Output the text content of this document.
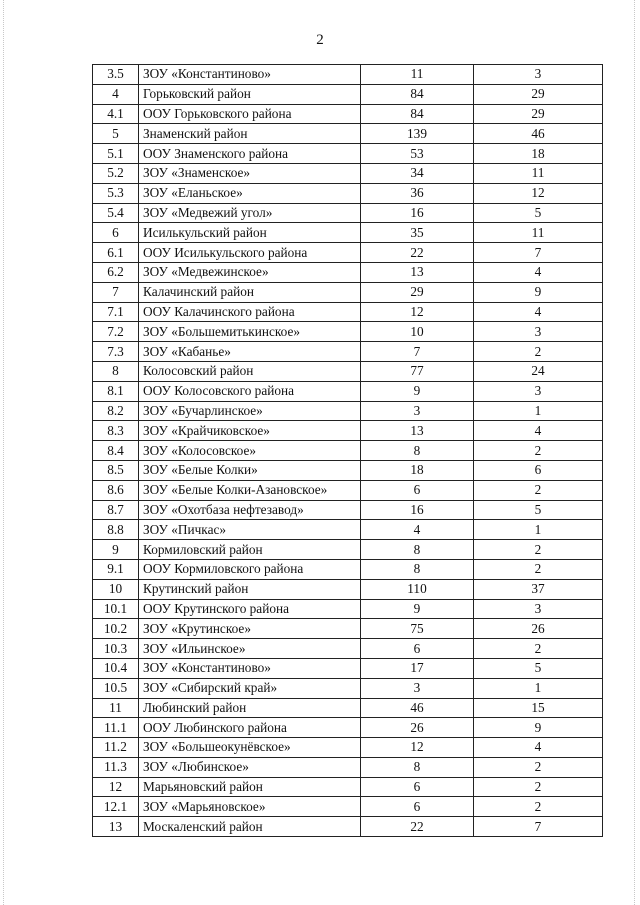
2
3.5	ЗОУ «Константиново»	11	3
4	Горьковский район	84	29
4.1	ООУ Горьковского района	84	29
5	Знаменский район	139	46
5.1	ООУ Знаменского района	53	18
5.2	ЗОУ «Знаменское»	34	11
5.3	ЗОУ «Еланьское»	36	12
5.4	ЗОУ «Медвежий угол»	16	5
6	Исилькульский район	35	11
6.1	ООУ Исилькульского района	22	7
6.2	ЗОУ «Медвежинское»	13	4
7	Калачинский район	29	9
7.1	ООУ Калачинского района	12	4
7.2	ЗОУ «Большемитькинское»	10	3
7.3	ЗОУ «Кабанье»	7	2
8	Колосовский район	77	24
8.1	ООУ Колосовского района	9	3
8.2	ЗОУ «Бучарлинское»	3	1
8.3	ЗОУ «Крайчиковское»	13	4
8.4	ЗОУ «Колосовское»	8	2
8.5	ЗОУ «Белые Колки»	18	6
8.6	ЗОУ «Белые Колки-Азановское»	6	2
8.7	ЗОУ «Охотбаза нефтезавод»	16	5
8.8	ЗОУ «Пичкас»	4	1
9	Кормиловский район	8	2
9.1	ООУ Кормиловского района	8	2
10	Крутинский район	110	37
10.1	ООУ Крутинского района	9	3
10.2	ЗОУ «Крутинское»	75	26
10.3	ЗОУ «Ильинское»	6	2
10.4	ЗОУ «Константиново»	17	5
10.5	ЗОУ «Сибирский край»	3	1
11	Любинский район	46	15
11.1	ООУ Любинского района	26	9
11.2	ЗОУ «Большеокунёвское»	12	4
11.3	ЗОУ «Любинское»	8	2
12	Марьяновский район	6	2
12.1	ЗОУ «Марьяновское»	6	2
13	Москаленский район	22	7
